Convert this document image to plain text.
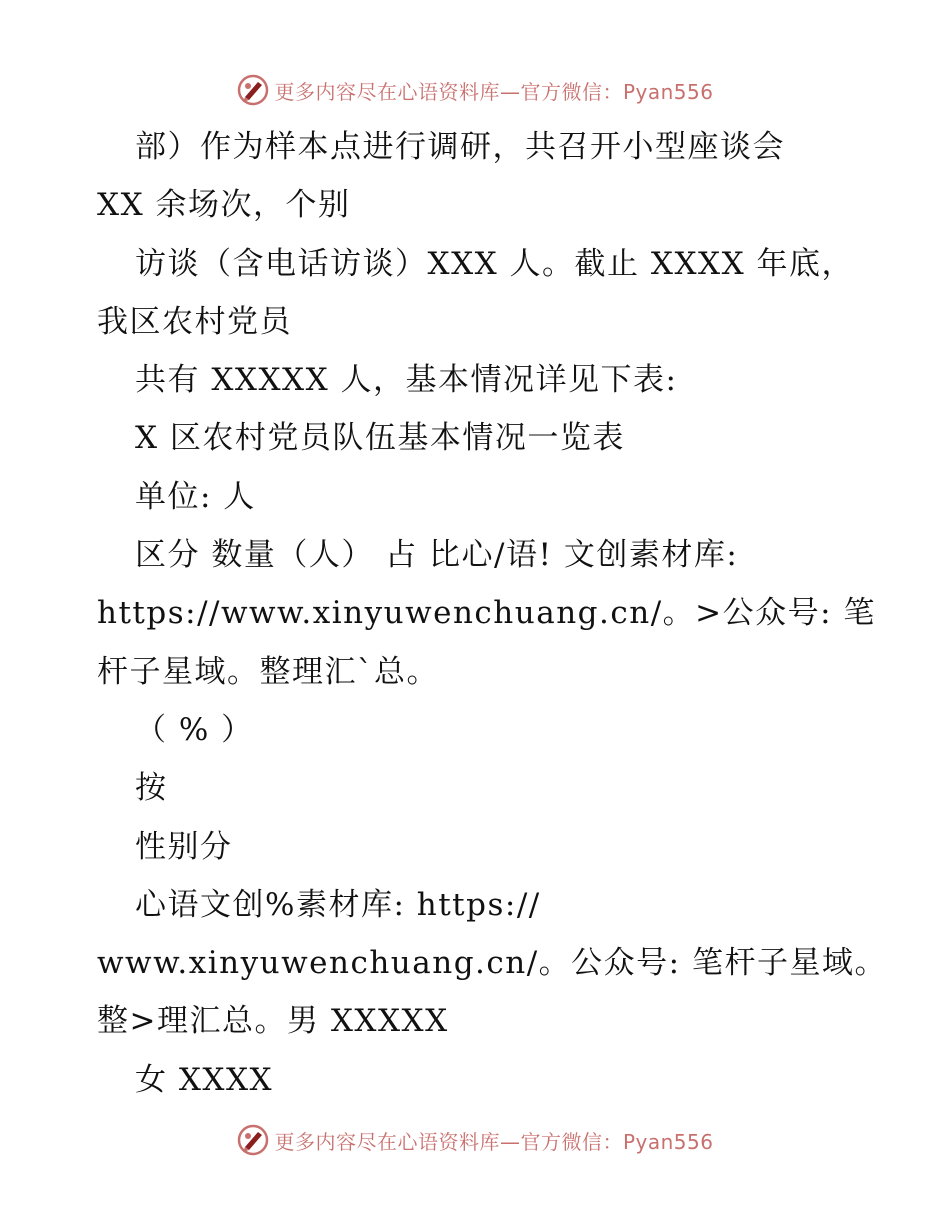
更多内容尽在心语资料库—官方微信：Pyan556
部）作为样本点进行调研，共召开小型座谈会
XX 余场次，个别
访谈（含电话访谈）XXX 人。截止 XXXX 年底，
我区农村党员
共有 XXXXX 人，基本情况详见下表:
X 区农村党员队伍基本情况一览表
单位: 人
区分 数量（人） 占 比心/语! 文创素材库:
https://www.xinyuwenchuang.cn/。>公众号: 笔
杆子星域。整理汇`总。
（ % ）
按
性别分
心语文创%素材库: https://
www.xinyuwenchuang.cn/。公众号: 笔杆子星域。
整>理汇总。男 XXXXX
女 XXXX
更多内容尽在心语资料库—官方微信：Pyan556
